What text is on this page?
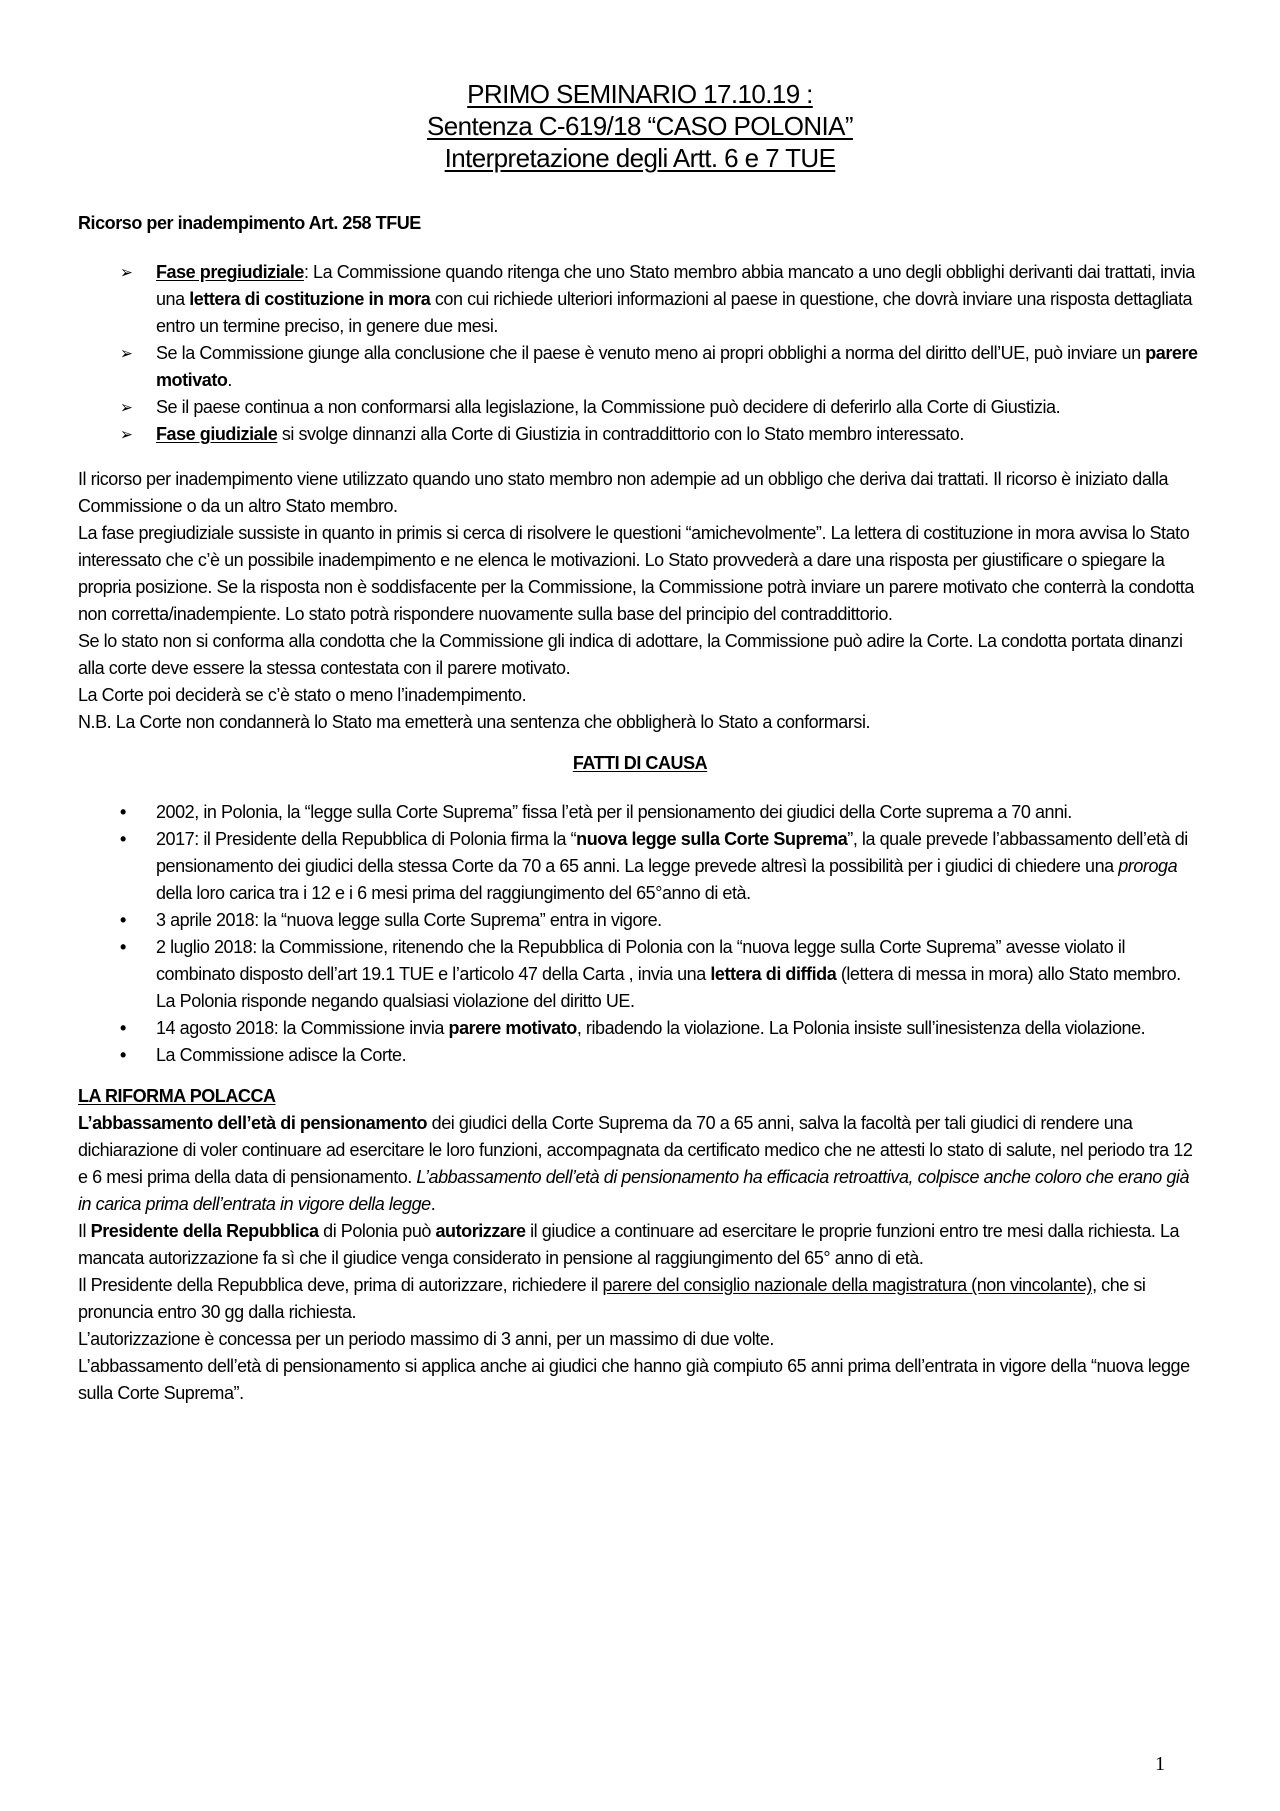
PRIMO SEMINARIO 17.10.19 :
Sentenza C-619/18 “CASO POLONIA”
Interpretazione degli Artt. 6 e 7 TUE

Ricorso per inadempimento Art. 258 TFUE

➢ Fase pregiudiziale: La Commissione quando ritenga che uno Stato membro abbia mancato a uno degli obblighi derivanti dai trattati, invia una lettera di costituzione in mora con cui richiede ulteriori informazioni al paese in questione, che dovrà inviare una risposta dettagliata entro un termine preciso, in genere due mesi.
➢ Se la Commissione giunge alla conclusione che il paese è venuto meno ai propri obblighi a norma del diritto dell’UE, può inviare un parere motivato.
➢ Se il paese continua a non conformarsi alla legislazione, la Commissione può decidere di deferirlo alla Corte di Giustizia.
➢ Fase giudiziale si svolge dinnanzi alla Corte di Giustizia in contraddittorio con lo Stato membro interessato.

Il ricorso per inadempimento viene utilizzato quando uno stato membro non adempie ad un obbligo che deriva dai trattati. Il ricorso è iniziato dalla Commissione o da un altro Stato membro.

La fase pregiudiziale sussiste in quanto in primis si cerca di risolvere le questioni “amichevolmente”. La lettera di costituzione in mora avvisa lo Stato interessato che c’è un possibile inadempimento e ne elenca le motivazioni. Lo Stato provvederà a dare una risposta per giustificare o spiegare la propria posizione. Se la risposta non è soddisfacente per la Commissione, la Commissione potrà inviare un parere motivato che conterrà la condotta non corretta/inadempiente. Lo stato potrà rispondere nuovamente sulla base del principio del contraddittorio.

Se lo stato non si conforma alla condotta che la Commissione gli indica di adottare, la Commissione può adire la Corte. La condotta portata dinanzi alla corte deve essere la stessa contestata con il parere motivato.

La Corte poi deciderà se c’è stato o meno l’inadempimento.

N.B. La Corte non condannerà lo Stato ma emetterà una sentenza che obbligherà lo Stato a conformarsi.

FATTI DI CAUSA

• 2002, in Polonia, la “legge sulla Corte Suprema” fissa l’età per il pensionamento dei giudici della Corte suprema a 70 anni.
• 2017: il Presidente della Repubblica di Polonia firma la “nuova legge sulla Corte Suprema”, la quale prevede l’abbassamento dell’età di pensionamento dei giudici della stessa Corte da 70 a 65 anni. La legge prevede altresì la possibilità per i giudici di chiedere una proroga della loro carica tra i 12 e i 6 mesi prima del raggiungimento del 65°anno di età.
• 3 aprile 2018: la “nuova legge sulla Corte Suprema” entra in vigore.
• 2 luglio 2018: la Commissione, ritenendo che la Repubblica di Polonia con la “nuova legge sulla Corte Suprema” avesse violato il combinato disposto dell’art 19.1 TUE e l’articolo 47 della Carta , invia una lettera di diffida (lettera di messa in mora) allo Stato membro. La Polonia risponde negando qualsiasi violazione del diritto UE.
• 14 agosto 2018: la Commissione invia parere motivato, ribadendo la violazione. La Polonia insiste sull’inesistenza della violazione.
• La Commissione adisce la Corte.

LA RIFORMA POLACCA

L’abbassamento dell’età di pensionamento dei giudici della Corte Suprema da 70 a 65 anni, salva la facoltà per tali giudici di rendere una dichiarazione di voler continuare ad esercitare le loro funzioni, accompagnata da certificato medico che ne attesti lo stato di salute, nel periodo tra 12 e 6 mesi prima della data di pensionamento. L’abbassamento dell’età di pensionamento ha efficacia retroattiva, colpisce anche coloro che erano già in carica prima dell’entrata in vigore della legge.

Il Presidente della Repubblica di Polonia può autorizzare il giudice a continuare ad esercitare le proprie funzioni entro tre mesi dalla richiesta. La mancata autorizzazione fa sì che il giudice venga considerato in pensione al raggiungimento del 65° anno di età.

Il Presidente della Repubblica deve, prima di autorizzare, richiedere il parere del consiglio nazionale della magistratura (non vincolante), che si pronuncia entro 30 gg dalla richiesta.

L’autorizzazione è concessa per un periodo massimo di 3 anni, per un massimo di due volte.

L’abbassamento dell’età di pensionamento si applica anche ai giudici che hanno già compiuto 65 anni prima dell’entrata in vigore della “nuova legge sulla Corte Suprema”.

1
